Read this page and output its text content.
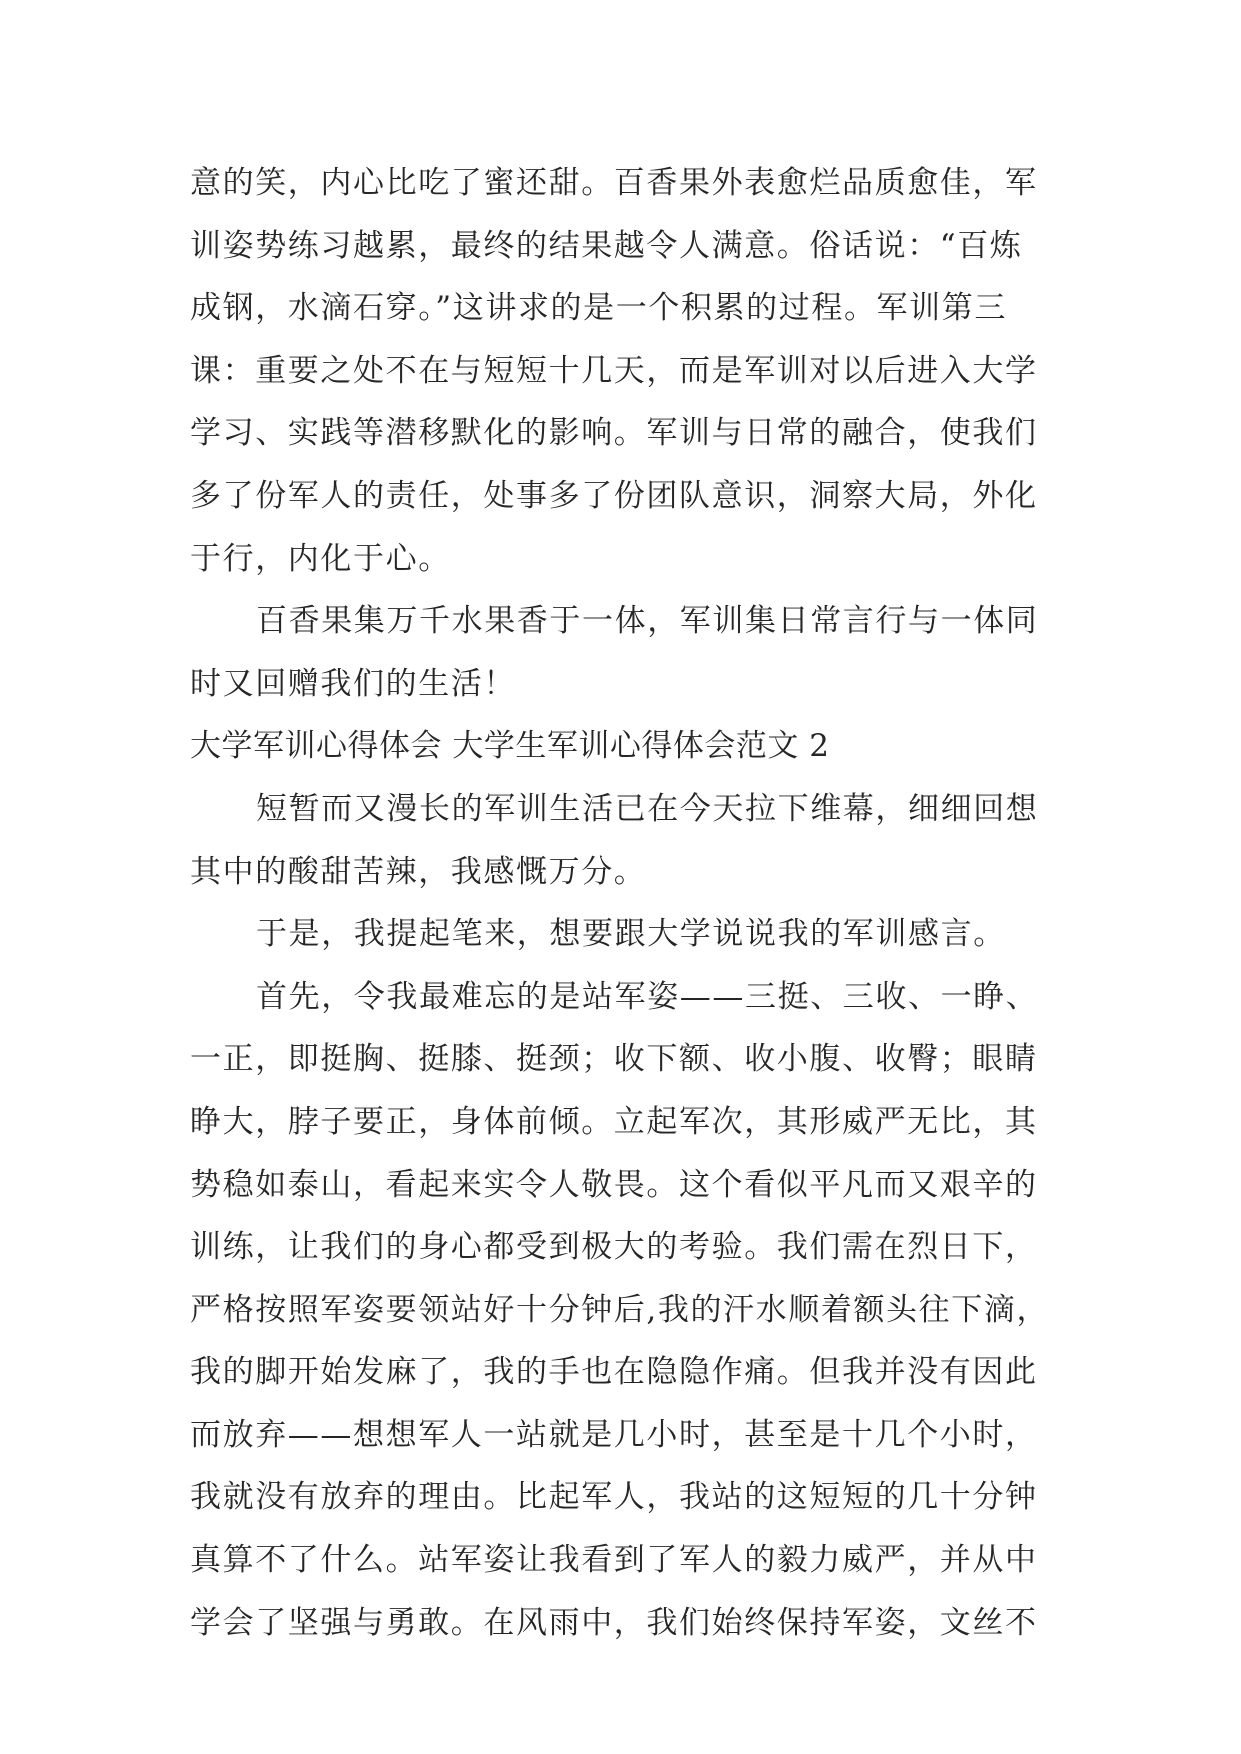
意的笑，内心比吃了蜜还甜。百香果外表愈烂品质愈佳，军
训姿势练习越累，最终的结果越令人满意。俗话说：“百炼
成钢，水滴石穿。”这讲求的是一个积累的过程。军训第三
课：重要之处不在与短短十几天，而是军训对以后进入大学
学习、实践等潜移默化的影响。军训与日常的融合，使我们
多了份军人的责任，处事多了份团队意识，洞察大局，外化
于行，内化于心。
百香果集万千水果香于一体，军训集日常言行与一体同
时又回赠我们的生活！
大学军训心得体会 大学生军训心得体会范文 2
短暂而又漫长的军训生活已在今天拉下维幕，细细回想
其中的酸甜苦辣，我感慨万分。
于是，我提起笔来，想要跟大学说说我的军训感言。
首先，令我最难忘的是站军姿——三挺、三收、一睁、
一正，即挺胸、挺膝、挺颈；收下额、收小腹、收臀；眼睛
睁大，脖子要正，身体前倾。立起军次，其形威严无比，其
势稳如泰山，看起来实令人敬畏。这个看似平凡而又艰辛的
训练，让我们的身心都受到极大的考验。我们需在烈日下，
严格按照军姿要领站好十分钟后,我的汗水顺着额头往下滴，
我的脚开始发麻了，我的手也在隐隐作痛。但我并没有因此
而放弃——想想军人一站就是几小时，甚至是十几个小时，
我就没有放弃的理由。比起军人，我站的这短短的几十分钟
真算不了什么。站军姿让我看到了军人的毅力威严，并从中
学会了坚强与勇敢。在风雨中，我们始终保持军姿，文丝不
